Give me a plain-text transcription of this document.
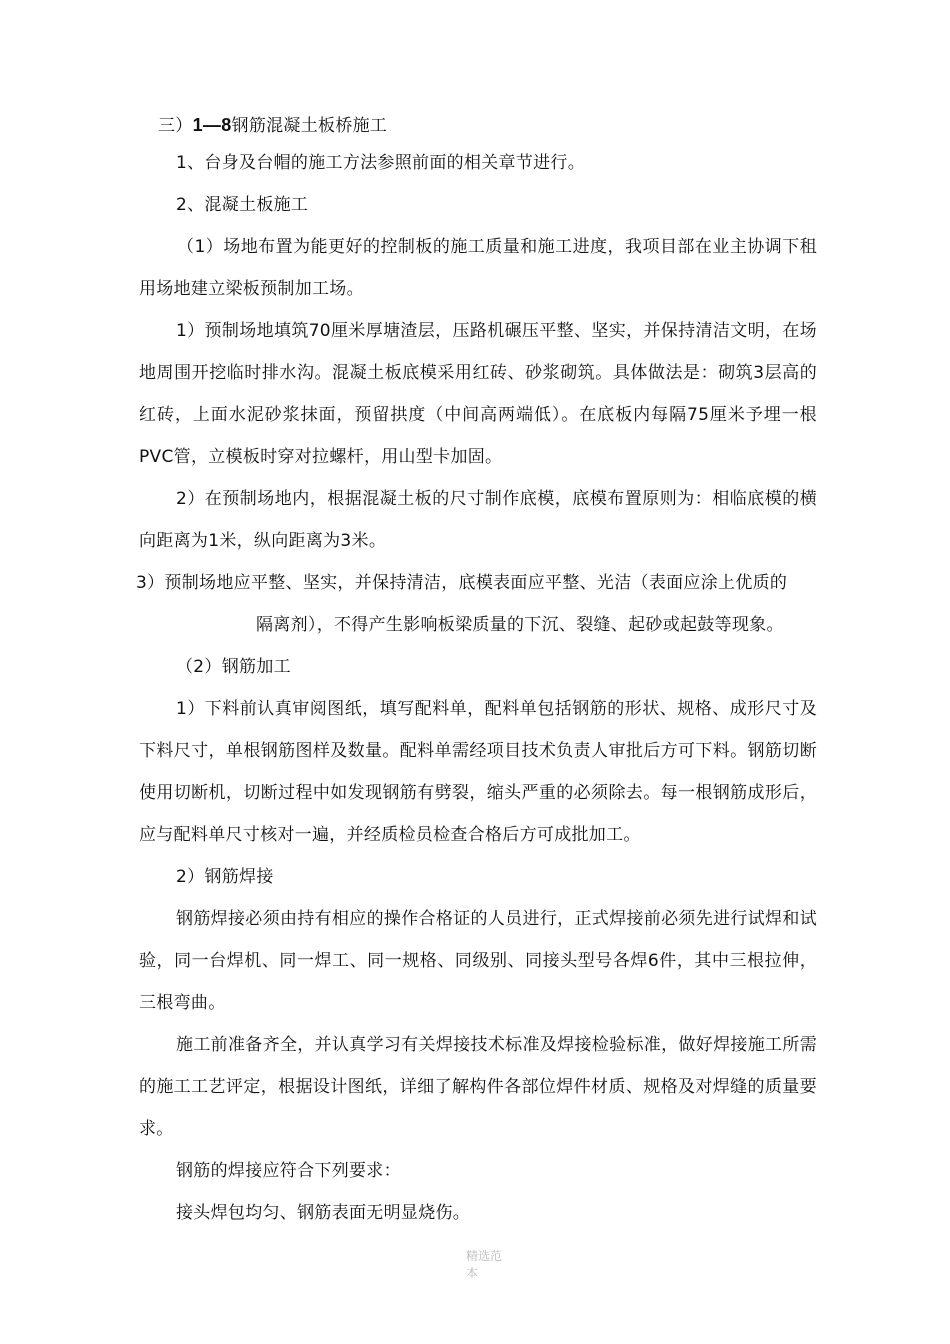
三）1—8钢筋混凝土板桥施工

1、台身及台帽的施工方法参照前面的相关章节进行。

2、混凝土板施工

（1）场地布置为能更好的控制板的施工质量和施工进度，我项目部在业主协调下租用场地建立梁板预制加工场。

1）预制场地填筑70厘米厚塘渣层，压路机碾压平整、坚实，并保持清洁文明，在场地周围开挖临时排水沟。混凝土板底模采用红砖、砂浆砌筑。具体做法是：砌筑3层高的红砖，上面水泥砂浆抹面，预留拱度（中间高两端低）。在底板内每隔75厘米予埋一根PVC管，立模板时穿对拉螺杆，用山型卡加固。

2）在预制场地内，根据混凝土板的尺寸制作底模，底模布置原则为：相临底模的横向距离为1米，纵向距离为3米。

3）预制场地应平整、坚实，并保持清洁，底模表面应平整、光洁（表面应涂上优质的

隔离剂），不得产生影响板梁质量的下沉、裂缝、起砂或起鼓等现象。

（2）钢筋加工

1）下料前认真审阅图纸，填写配料单，配料单包括钢筋的形状、规格、成形尺寸及下料尺寸，单根钢筋图样及数量。配料单需经项目技术负责人审批后方可下料。钢筋切断使用切断机，切断过程中如发现钢筋有劈裂，缩头严重的必须除去。每一根钢筋成形后，应与配料单尺寸核对一遍，并经质检员检查合格后方可成批加工。

2）钢筋焊接

钢筋焊接必须由持有相应的操作合格证的人员进行，正式焊接前必须先进行试焊和试验，同一台焊机、同一焊工、同一规格、同级别、同接头型号各焊6件，其中三根拉伸，三根弯曲。

施工前准备齐全，并认真学习有关焊接技术标准及焊接检验标准，做好焊接施工所需的施工工艺评定，根据设计图纸，详细了解构件各部位焊件材质、规格及对焊缝的质量要求。

钢筋的焊接应符合下列要求：

接头焊包均匀、钢筋表面无明显烧伤。

精选范
本
